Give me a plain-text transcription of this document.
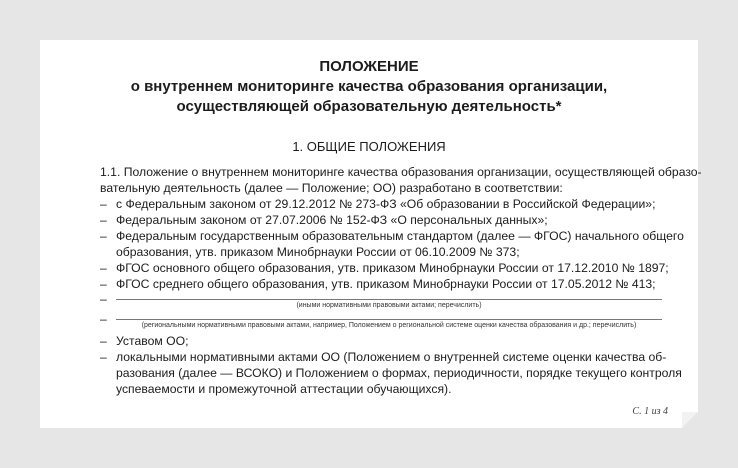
ПОЛОЖЕНИЕ
о внутреннем мониторинге качества образования организации,
осуществляющей образовательную деятельность*
1. ОБЩИЕ ПОЛОЖЕНИЯ
1.1. Положение о внутреннем мониторинге качества образования организации, осуществляющей образо-
вательную деятельность (далее — Положение; ОО) разработано в соответствии:
– с Федеральным законом от 29.12.2012 № 273-ФЗ «Об образовании в Российской Федерации»;
– Федеральным законом от 27.07.2006 № 152-ФЗ «О персональных данных»;
– Федеральным государственным образовательным стандартом (далее — ФГОС) начального общего
образования, утв. приказом Минобрнауки России от 06.10.2009 № 373;
– ФГОС основного общего образования, утв. приказом Минобрнауки России от 17.12.2010 № 1897;
– ФГОС среднего общего образования, утв. приказом Минобрнауки России от 17.05.2012 № 413;
–	(иными нормативными правовыми актами; перечислить)
–	(региональными нормативными правовыми актами, например, Положением о региональной системе оценки качества образования и др.; перечислить)
– Уставом ОО;
– локальными нормативными актами ОО (Положением о внутренней системе оценки качества об-
разования (далее — ВСОКО) и Положением о формах, периодичности, порядке текущего контроля
успеваемости и промежуточной аттестации обучающихся).
С. 1 из 4
